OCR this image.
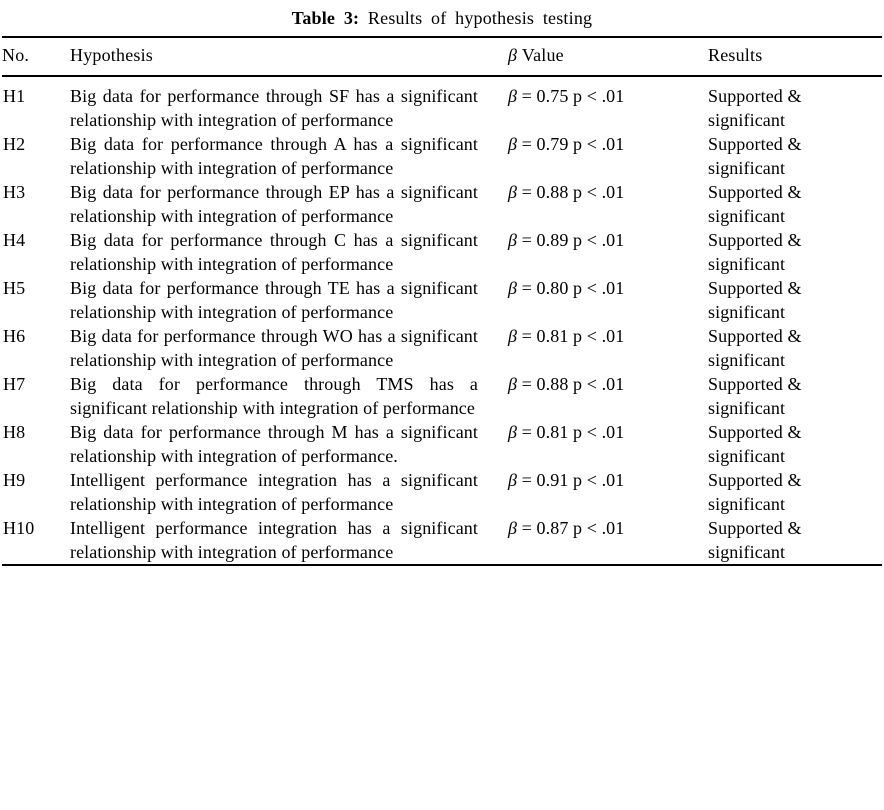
Table 3: Results of hypothesis testing
No.	Hypothesis	β Value	Results
H1	Big data for performance through SF has a significant relationship with integration of performance	β = 0.75 p < .01	Supported & significant
H2	Big data for performance through A has a significant relationship with integration of performance	β = 0.79 p < .01	Supported & significant
H3	Big data for performance through EP has a significant relationship with integration of performance	β = 0.88 p < .01	Supported & significant
H4	Big data for performance through C has a significant relationship with integration of performance	β = 0.89 p < .01	Supported & significant
H5	Big data for performance through TE has a significant relationship with integration of performance	β = 0.80 p < .01	Supported & significant
H6	Big data for performance through WO has a significant relationship with integration of performance	β = 0.81 p < .01	Supported & significant
H7	Big data for performance through TMS has a significant relationship with integration of performance	β = 0.88 p < .01	Supported & significant
H8	Big data for performance through M has a significant relationship with integration of performance.	β = 0.81 p < .01	Supported & significant
H9	Intelligent performance integration has a significant relationship with integration of performance	β = 0.91 p < .01	Supported & significant
H10	Intelligent performance integration has a significant relationship with integration of performance	β = 0.87 p < .01	Supported & significant
